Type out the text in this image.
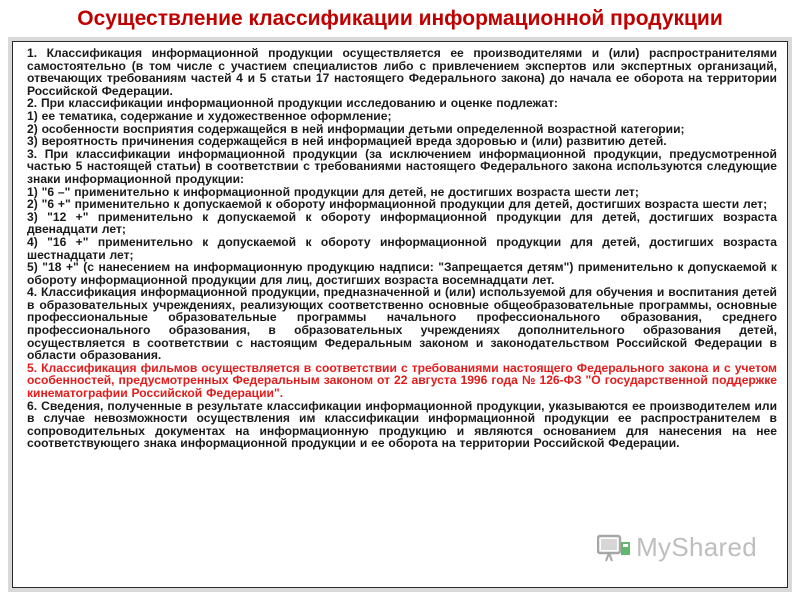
Осуществление классификации информационной продукции

1. Классификация информационной продукции осуществляется ее производителями и (или) распространителями самостоятельно (в том числе с участием специалистов либо с привлечением экспертов или экспертных организаций, отвечающих требованиям частей 4 и 5 статьи 17 настоящего Федерального закона) до начала ее оборота на территории Российской Федерации.

2. При классификации информационной продукции исследованию и оценке подлежат:

1) ее тематика, содержание и художественное оформление;

2) особенности восприятия содержащейся в ней информации детьми определенной возрастной категории;

3) вероятность причинения содержащейся в ней информацией вреда здоровью и (или) развитию детей.

3. При классификации информационной продукции (за исключением информационной продукции, предусмотренной частью 5 настоящей статьи) в соответствии с требованиями настоящего Федерального закона используются следующие знаки информационной продукции:

1) "6 –" применительно к информационной продукции для детей, не достигших возраста шести лет;

2) "6 +" применительно к допускаемой к обороту информационной продукции для детей, достигших возраста шести лет;

3) "12 +" применительно к допускаемой к обороту информационной продукции для детей, достигших возраста двенадцати лет;

4) "16 +" применительно к допускаемой к обороту информационной продукции для детей, достигших возраста шестнадцати лет;

5) "18 +" (с нанесением на информационную продукцию надписи: "Запрещается детям") применительно к допускаемой к обороту информационной продукции для лиц, достигших возраста восемнадцати лет.

4. Классификация информационной продукции, предназначенной и (или) используемой для обучения и воспитания детей в образовательных учреждениях, реализующих соответственно основные общеобразовательные программы, основные профессиональные образовательные программы начального профессионального образования, среднего профессионального образования, в образовательных учреждениях дополнительного образования детей, осуществляется в соответствии с настоящим Федеральным законом и законодательством Российской Федерации в области образования.

5. Классификация фильмов осуществляется в соответствии с требованиями настоящего Федерального закона и с учетом особенностей, предусмотренных Федеральным законом от 22 августа 1996 года № 126-ФЗ "О государственной поддержке кинематографии Российской Федерации".

6. Сведения, полученные в результате классификации информационной продукции, указываются ее производителем или в случае невозможности осуществления им классификации информационной продукции ее распространителем в сопроводительных документах на информационную продукцию и являются основанием для нанесения на нее соответствующего знака информационной продукции и ее оборота на территории Российской Федерации.

MyShared
